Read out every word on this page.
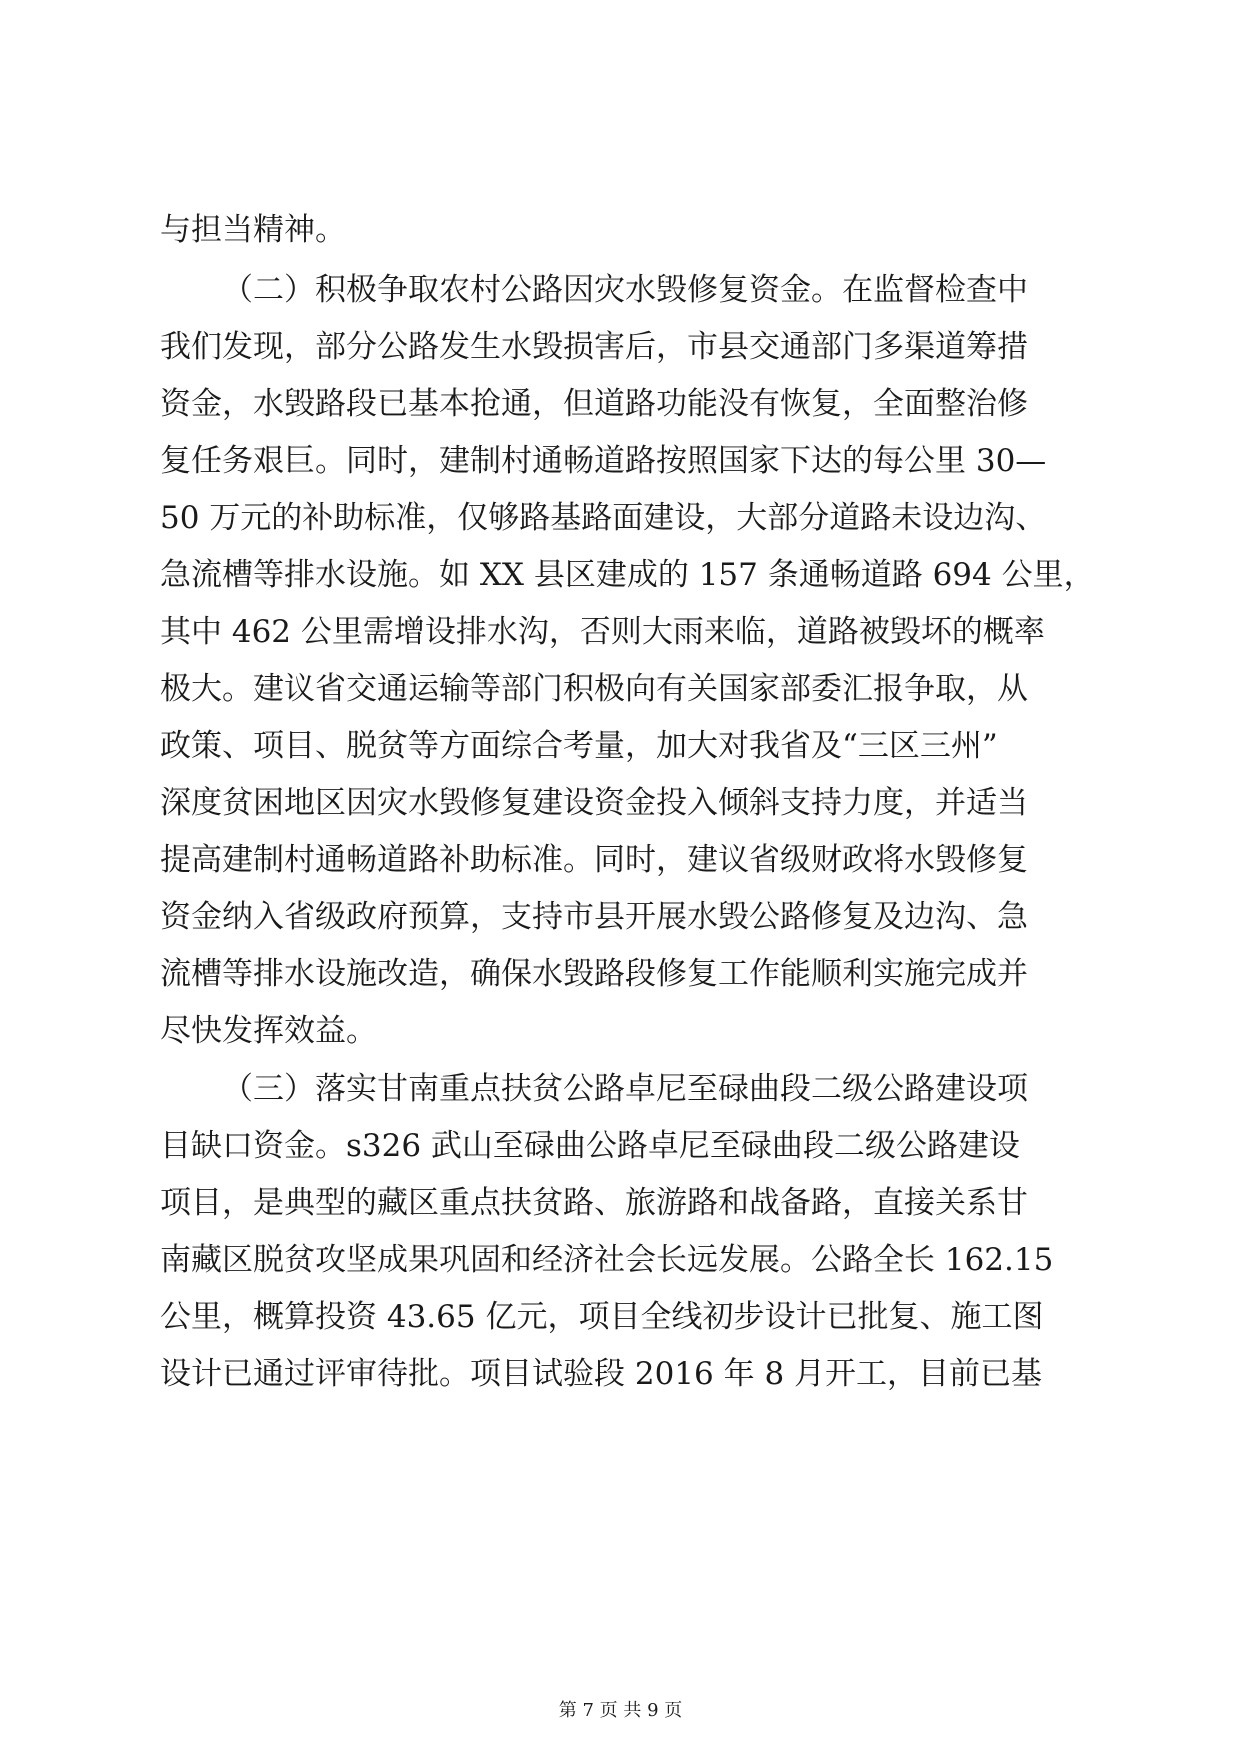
与担当精神。
（二）积极争取农村公路因灾水毁修复资金。在监督检查中
我们发现，部分公路发生水毁损害后，市县交通部门多渠道筹措
资金，水毁路段已基本抢通，但道路功能没有恢复，全面整治修
复任务艰巨。同时，建制村通畅道路按照国家下达的每公里 30—
50 万元的补助标准，仅够路基路面建设，大部分道路未设边沟、
急流槽等排水设施。如 XX 县区建成的 157 条通畅道路 694 公里，
其中 462 公里需增设排水沟，否则大雨来临，道路被毁坏的概率
极大。建议省交通运输等部门积极向有关国家部委汇报争取，从
政策、项目、脱贫等方面综合考量，加大对我省及“三区三州”
深度贫困地区因灾水毁修复建设资金投入倾斜支持力度，并适当
提高建制村通畅道路补助标准。同时，建议省级财政将水毁修复
资金纳入省级政府预算，支持市县开展水毁公路修复及边沟、急
流槽等排水设施改造，确保水毁路段修复工作能顺利实施完成并
尽快发挥效益。
（三）落实甘南重点扶贫公路卓尼至碌曲段二级公路建设项
目缺口资金。s326 武山至碌曲公路卓尼至碌曲段二级公路建设
项目，是典型的藏区重点扶贫路、旅游路和战备路，直接关系甘
南藏区脱贫攻坚成果巩固和经济社会长远发展。公路全长 162.15
公里，概算投资 43.65 亿元，项目全线初步设计已批复、施工图
设计已通过评审待批。项目试验段 2016 年 8 月开工，目前已基
第 7 页 共 9 页
